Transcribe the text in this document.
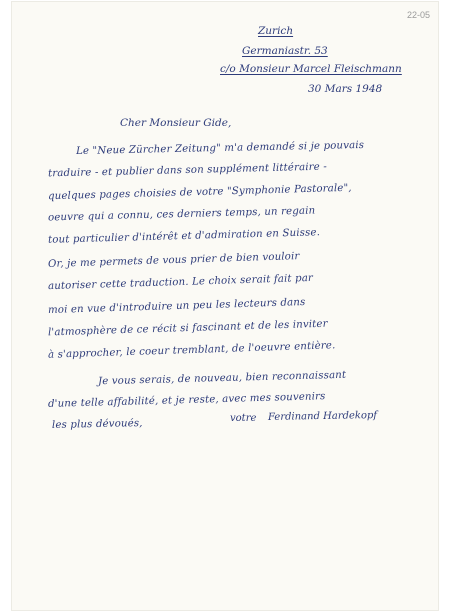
22-05
Zurich
Germaniastr. 53
c/o Monsieur Marcel Fleischmann
30 Mars 1948
Cher Monsieur Gide,
Le "Neue Zürcher Zeitung" m'a demandé si je pouvais
traduire - et publier dans son supplément littéraire -
quelques pages choisies de votre "Symphonie Pastorale",
oeuvre qui a connu, ces derniers temps, un regain
tout particulier d'intérêt et d'admiration en Suisse.
Or, je me permets de vous prier de bien vouloir
autoriser cette traduction. Le choix serait fait par
moi en vue d'introduire un peu les lecteurs dans
l'atmosphère de ce récit si fascinant et de les inviter
à s'approcher, le coeur tremblant, de l'oeuvre entière.
Je vous serais, de nouveau, bien reconnaissant
d'une telle affabilité, et je reste, avec mes souvenirs
les plus dévoués,	votre Ferdinand Hardekopf
